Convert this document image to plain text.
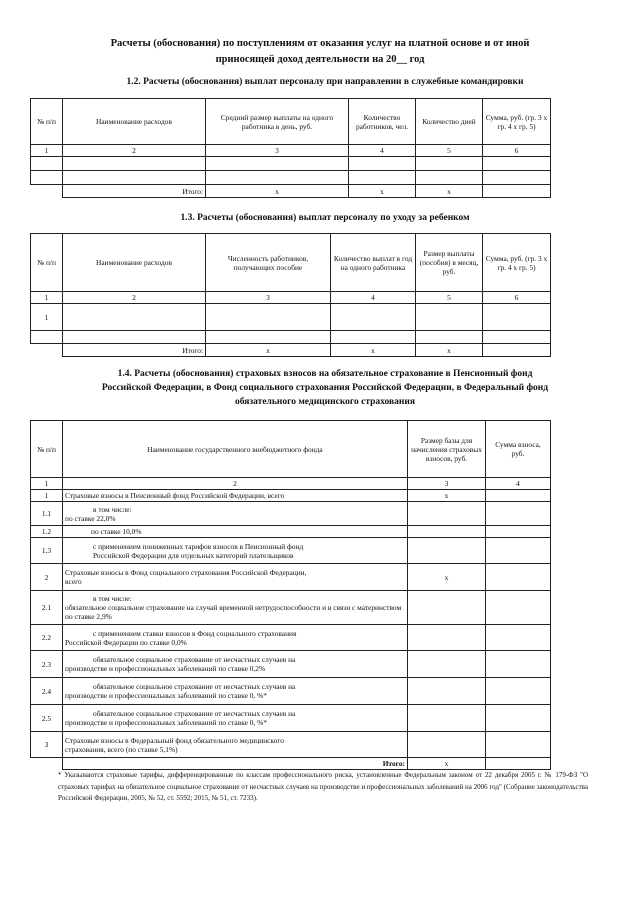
Расчеты (обоснования) по поступлениям от оказания услуг на платной основе и от иной
приносящей доход деятельности на 20__ год
1.2. Расчеты (обоснования) выплат персоналу при направлении в служебные командировки
№ п/п	Наименование расходов	Средний размер выплаты на одного работника в день, руб.	Количество работников, чел.	Количество дней	Сумма, руб. (гр. 3 х гр. 4 х гр. 5)
1	2	3	4	5	6

	Итого:	x	x	x	
1.3. Расчеты (обоснования) выплат персоналу по уходу за ребенком
№ п/п	Наименование расходов	Численность работников, получающих пособие	Количество выплат в год на одного работника	Размер выплаты (пособия) в месяц, руб.	Сумма, руб. (гр. 3 х гр. 4 х гр. 5)
1	2	3	4	5	6
1					

	Итого:	x	x	x	
1.4. Расчеты (обоснования) страховых взносов на обязательное страхование в Пенсионный фонд
Российской Федерации, в Фонд социального страхования Российской Федерации, в Федеральный фонд
обязательного медицинского страхования
№ п/п	Наименование государственного внебюджетного фонда	Размер базы для начисления страховых взносов, руб.	Сумма взноса, руб.
1	2	3	4
1	Страховые взносы в Пенсионный фонд Российской Федерации, всего	x	
1.1	в том числе:
по ставке 22,0%		

1.2	по ставке 10,0%		
1.3	с применением пониженных тарифов взносов в Пенсионный фонд
Российской Федерации для отдельных категорий плательщиков		

2	Страховые взносы в Фонд социального страхования Российской Федерации,
всего	x	
2.1	в том числе:
обязательное социальное страхование на случай временной нетрудоспособности и в связи с материнством по ставке 2,9%		

2.2	с применением ставки взносов в Фонд социального страхования
Российской Федерации по ставке 0,0%		

2.3	обязательное социальное страхование от несчастных случаев на
производстве и профессиональных заболеваний по ставке 0,2%		

2.4	обязательное социальное страхование от несчастных случаев на
производстве и профессиональных заболеваний по ставке 0, %*		

2.5	обязательное социальное страхование от несчастных случаев на
производстве и профессиональных заболеваний по ставке 0, %*		

3	Страховые взносы в Федеральный фонд обязательного медицинского
страхования, всего (по ставке 5,1%)		

	Итого:	x	
* Указываются страховые тарифы, дифференцированные по классам профессионального риска, установленные Федеральным законом от 22 декабря 2005 г. № 179-ФЗ "О страховых тарифах на обязательное социальное страхование от несчастных случаев на производстве и профессиональных заболеваний на 2006 год" (Собрание законодательства Российской Федерации, 2005, № 52, ст. 5592; 2015, № 51, ст. 7233).
